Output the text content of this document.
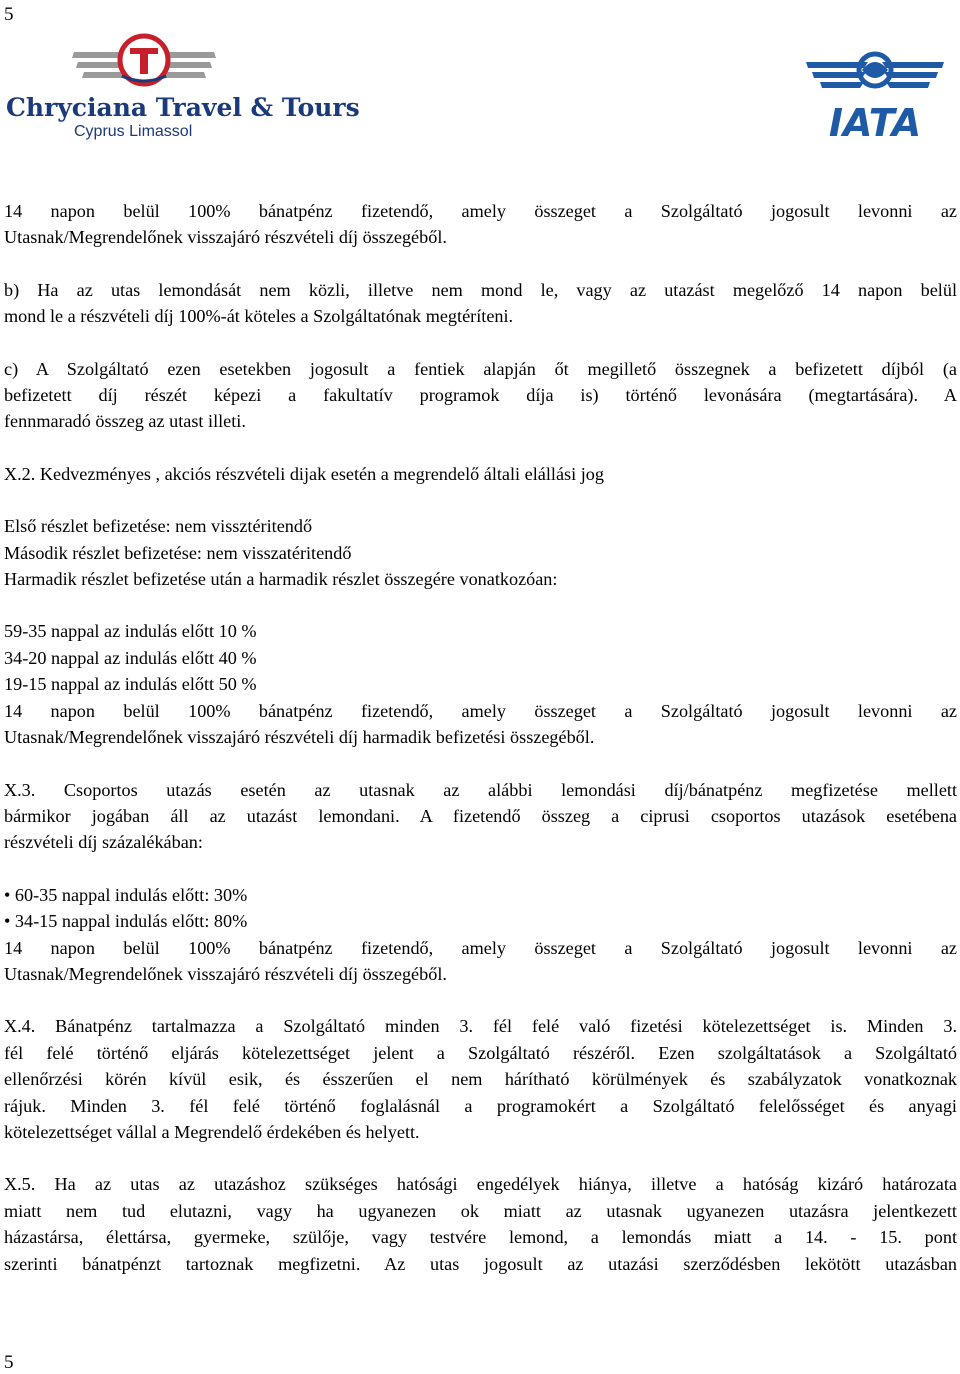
5
Chryciana Travel & Tours
Cyprus Limassol	IATA

14 napon belül 100% bánatpénz fizetendő, amely összeget a Szolgáltató jogosult levonni az

Utasnak/Megrendelőnek visszajáró részvételi díj összegéből.

b) Ha az utas lemondását nem közli, illetve nem mond le, vagy az utazást megelőző 14 napon belül

mond le a részvételi díj 100%-át köteles a Szolgáltatónak megtéríteni.

c) A Szolgáltató ezen esetekben jogosult a fentiek alapján őt megillető összegnek a befizetett díjból (a

befizetett díj részét képezi a fakultatív programok díja is) történő levonására (megtartására). A

fennmaradó összeg az utast illeti.

X.2. Kedvezményes , akciós részvételi dijak esetén a megrendelő általi elállási jog

Első részlet befizetése: nem vissztéritendő

Második részlet befizetése: nem visszatéritendő

Harmadik részlet befizetése után a harmadik részlet összegére vonatkozóan:

59-35 nappal az indulás előtt 10 %

34-20 nappal az indulás előtt 40 %

19-15 nappal az indulás előtt 50 %

14 napon belül 100% bánatpénz fizetendő, amely összeget a Szolgáltató jogosult levonni az

Utasnak/Megrendelőnek visszajáró részvételi díj harmadik befizetési összegéből.

X.3. Csoportos utazás esetén az utasnak az alábbi lemondási díj/bánatpénz megfizetése mellett

bármikor jogában áll az utazást lemondani. A fizetendő összeg a ciprusi csoportos utazások esetébena

részvételi díj százalékában:

• 60-35 nappal indulás előtt: 30%

• 34-15 nappal indulás előtt: 80%

14 napon belül 100% bánatpénz fizetendő, amely összeget a Szolgáltató jogosult levonni az

Utasnak/Megrendelőnek visszajáró részvételi díj összegéből.

X.4. Bánatpénz tartalmazza a Szolgáltató minden 3. fél felé való fizetési kötelezettséget is. Minden 3.

fél felé történő eljárás kötelezettséget jelent a Szolgáltató részéről. Ezen szolgáltatások a Szolgáltató

ellenőrzési körén kívül esik, és ésszerűen el nem hárítható körülmények és szabályzatok vonatkoznak

rájuk. Minden 3. fél felé történő foglalásnál a programokért a Szolgáltató felelősséget és anyagi

kötelezettséget vállal a Megrendelő érdekében és helyett.

X.5. Ha az utas az utazáshoz szükséges hatósági engedélyek hiánya, illetve a hatóság kizáró határozata

miatt nem tud elutazni, vagy ha ugyanezen ok miatt az utasnak ugyanezen utazásra jelentkezett

házastársa, élettársa, gyermeke, szülője, vagy testvére lemond, a lemondás miatt a 14. - 15. pont

szerinti bánatpénzt tartoznak megfizetni. Az utas jogosult az utazási szerződésben lekötött utazásban

5
